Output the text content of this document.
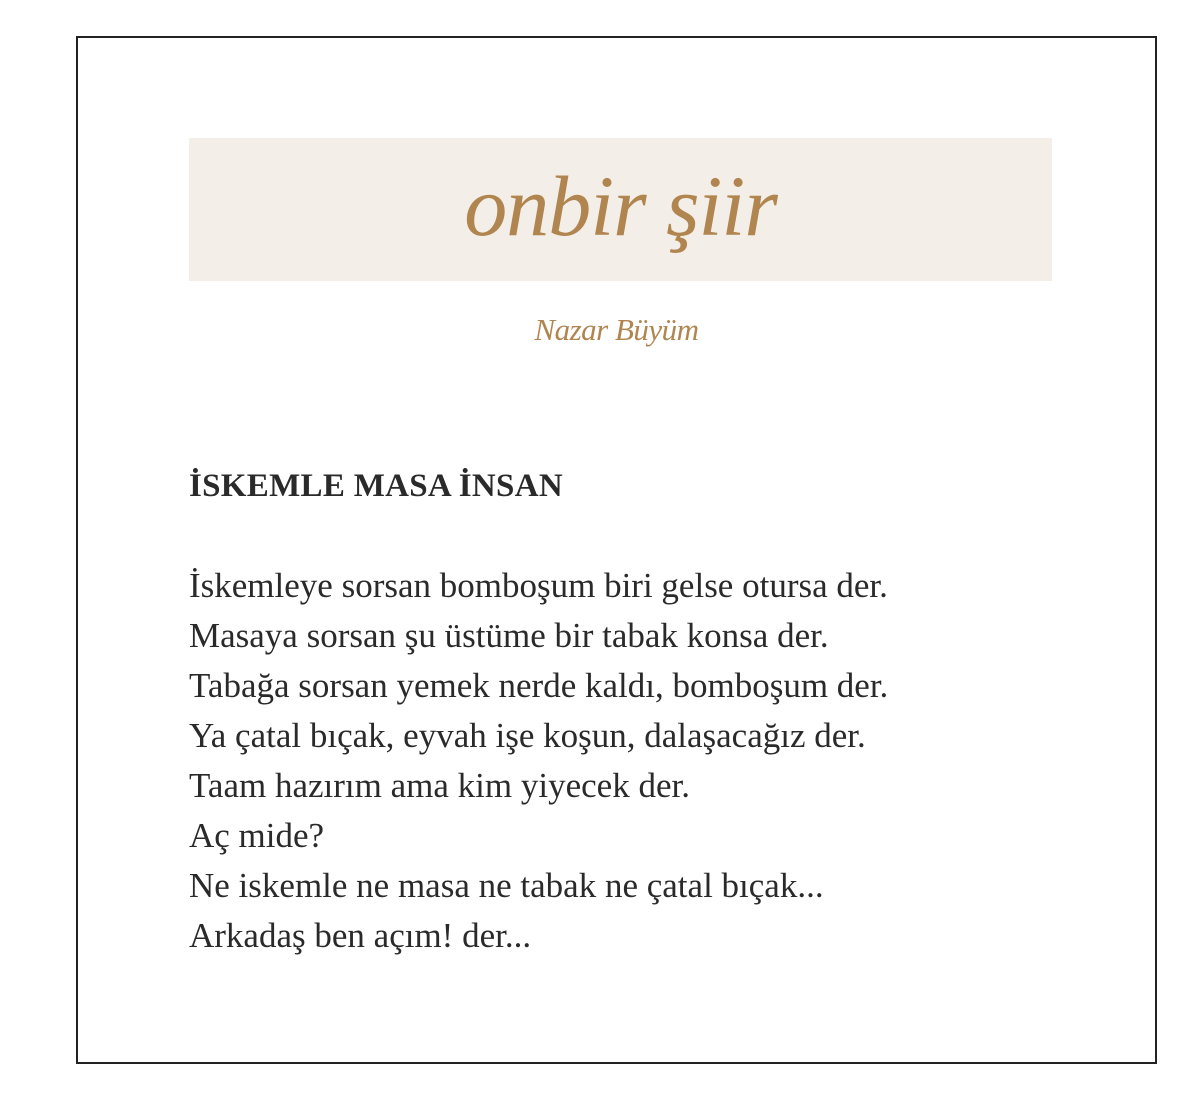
onbir şiir
Nazar Büyüm
İSKEMLE MASA İNSAN
İskemleye sorsan bomboşum biri gelse otursa der.
Masaya sorsan şu üstüme bir tabak konsa der.
Tabağa sorsan yemek nerde kaldı, bomboşum der.
Ya çatal bıçak, eyvah işe koşun, dalaşacağız der.
Taam hazırım ama kim yiyecek der.
Aç mide?
Ne iskemle ne masa ne tabak ne çatal bıçak...
Arkadaş ben açım! der...
